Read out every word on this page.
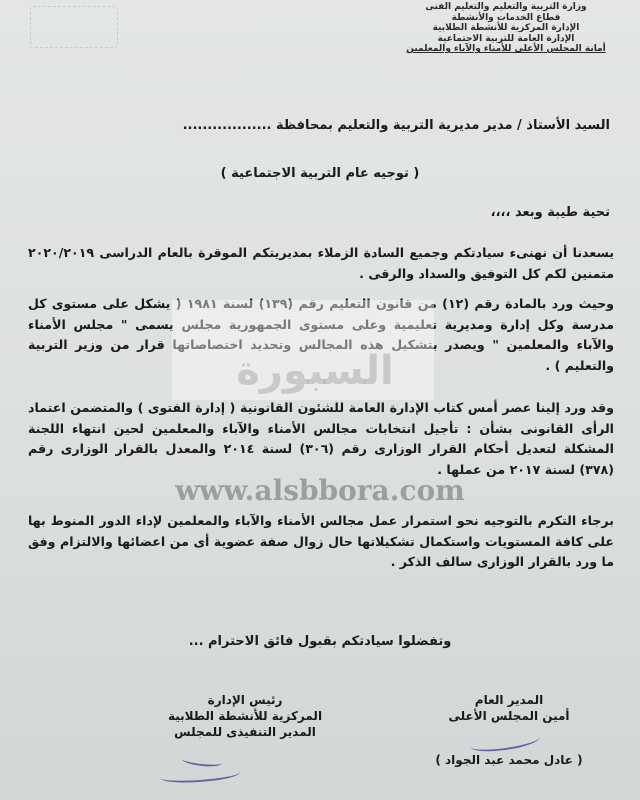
وزارة التربية والتعليم والتعليم الفنى
قطاع الخدمات والأنشطة
الإدارة المركزية للأنشطة الطلابية
الإدارة العامة للتربية الاجتماعية
أمانة المجلس الأعلى للأمناء والآباء والمعلمين
السيد الأستاذ / مدير مديرية التربية والتعليم بمحافظة ..................
( توجيه عام التربية الاجتماعية )
تحية طيبة وبعد ،،،،
يسعدنا أن نهنىء سيادتكم وجميع السادة الزملاء بمديريتكم الموقرة بالعام الدراسى ٢٠٢٠/٢٠١٩ متمنين لكم كل التوفيق والسداد والرقى .
وحيث ورد بالمادة رقم (١٢) من قانون التعليم رقم (١٣٩) لسنة ١٩٨١ ( يشكل على مستوى كل مدرسة وكل إدارة ومديرية تعليمية وعلى مستوى الجمهورية مجلس يسمى " مجلس الأمناء والآباء والمعلمين " ويصدر بتشكيل هذه المجالس وتحديد اختصاصاتها قرار من وزير التربية والتعليم ) .
وقد ورد إلينا عصر أمس كتاب الإدارة العامة للشئون القانونية ( إدارة الفتوى ) والمتضمن اعتماد الرأى القانونى بشأن : تأجيل انتخابات مجالس الأمناء والآباء والمعلمين لحين انتهاء اللجنة المشكلة لتعديل أحكام القرار الوزارى رقم (٣٠٦) لسنة ٢٠١٤ والمعدل بالقرار الوزارى رقم (٣٧٨) لسنة ٢٠١٧ من عملها .
برجاء التكرم بالتوجيه نحو استمرار عمل مجالس الأمناء والآباء والمعلمين لإداء الدور المنوط بها على كافة المستويات واستكمال تشكيلاتها حال زوال صفة عضوية أى من اعضائها والالتزام وفق ما ورد بالقرار الوزارى سالف الذكر .
وتفضلوا سيادتكم بقبول فائق الاحترام ...
المدير العام
أمين المجلس الأعلى
( عادل محمد عبد الجواد )
رئيس الإدارة
المركزية للأنشطة الطلابية
المدير التنفيذى للمجلس
السبورة
www.alsbbora.com
